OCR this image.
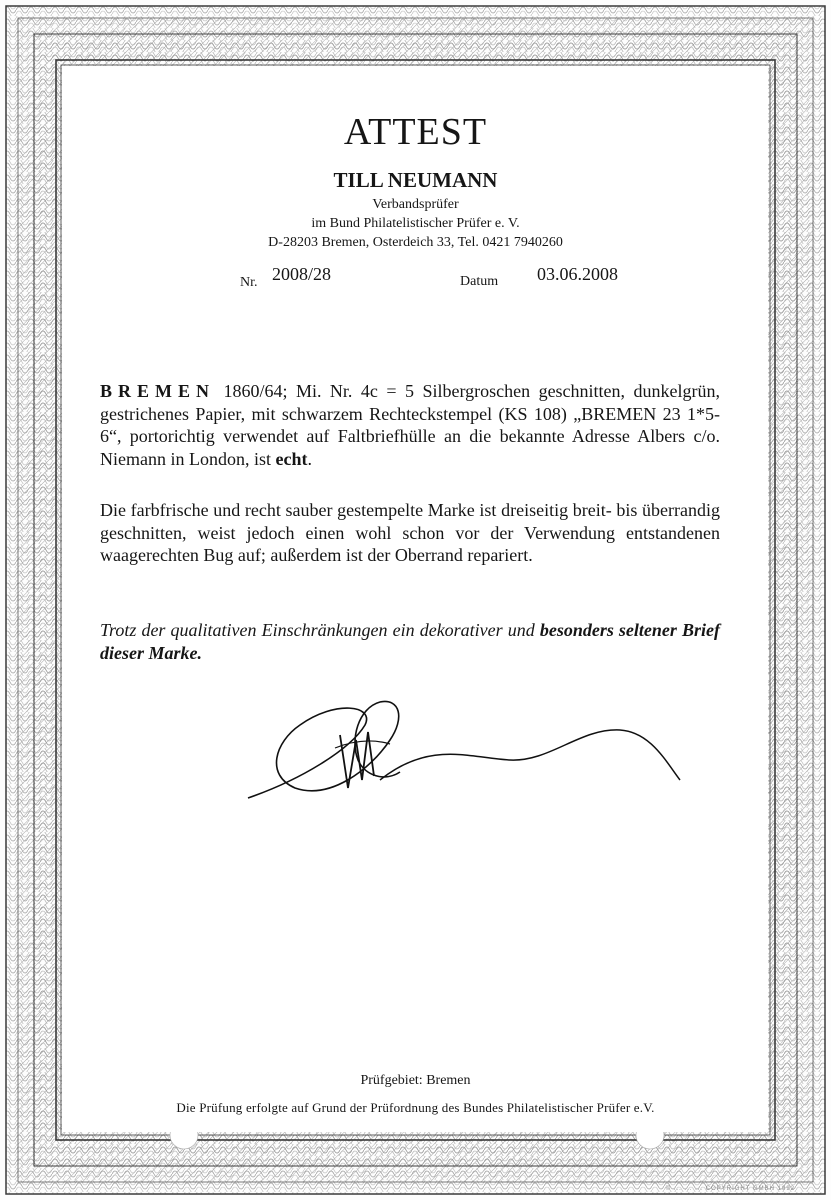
ATTEST
TILL NEUMANN
Verbandsprüfer
im Bund Philatelistischer Prüfer e. V.
D-28203 Bremen, Osterdeich 33, Tel. 0421 7940260
Nr. 2008/28	Datum 03.06.2008
BREMEN 1860/64; Mi. Nr. 4c = 5 Silbergroschen geschnitten, dunkelgrün, gestrichenes Papier, mit schwarzem Rechteckstempel (KS 108) „BREMEN 23 1*5-6“, portorichtig verwendet auf Faltbriefhülle an die bekannte Adresse Albers c/o. Niemann in London, ist echt.
Die farbfrische und recht sauber gestempelte Marke ist dreiseitig breit- bis überrandig geschnitten, weist jedoch einen wohl schon vor der Verwendung entstandenen waagerechten Bug auf; außerdem ist der Oberrand repariert.
Trotz der qualitativen Einschränkungen ein dekorativer und besonders seltener Brief dieser Marke.
Prüfgebiet: Bremen
Die Prüfung erfolgte auf Grund der Prüfordnung des Bundes Philatelistischer Prüfer e.V.
© ... ... ... COPYRIGHT GMBH 1992
